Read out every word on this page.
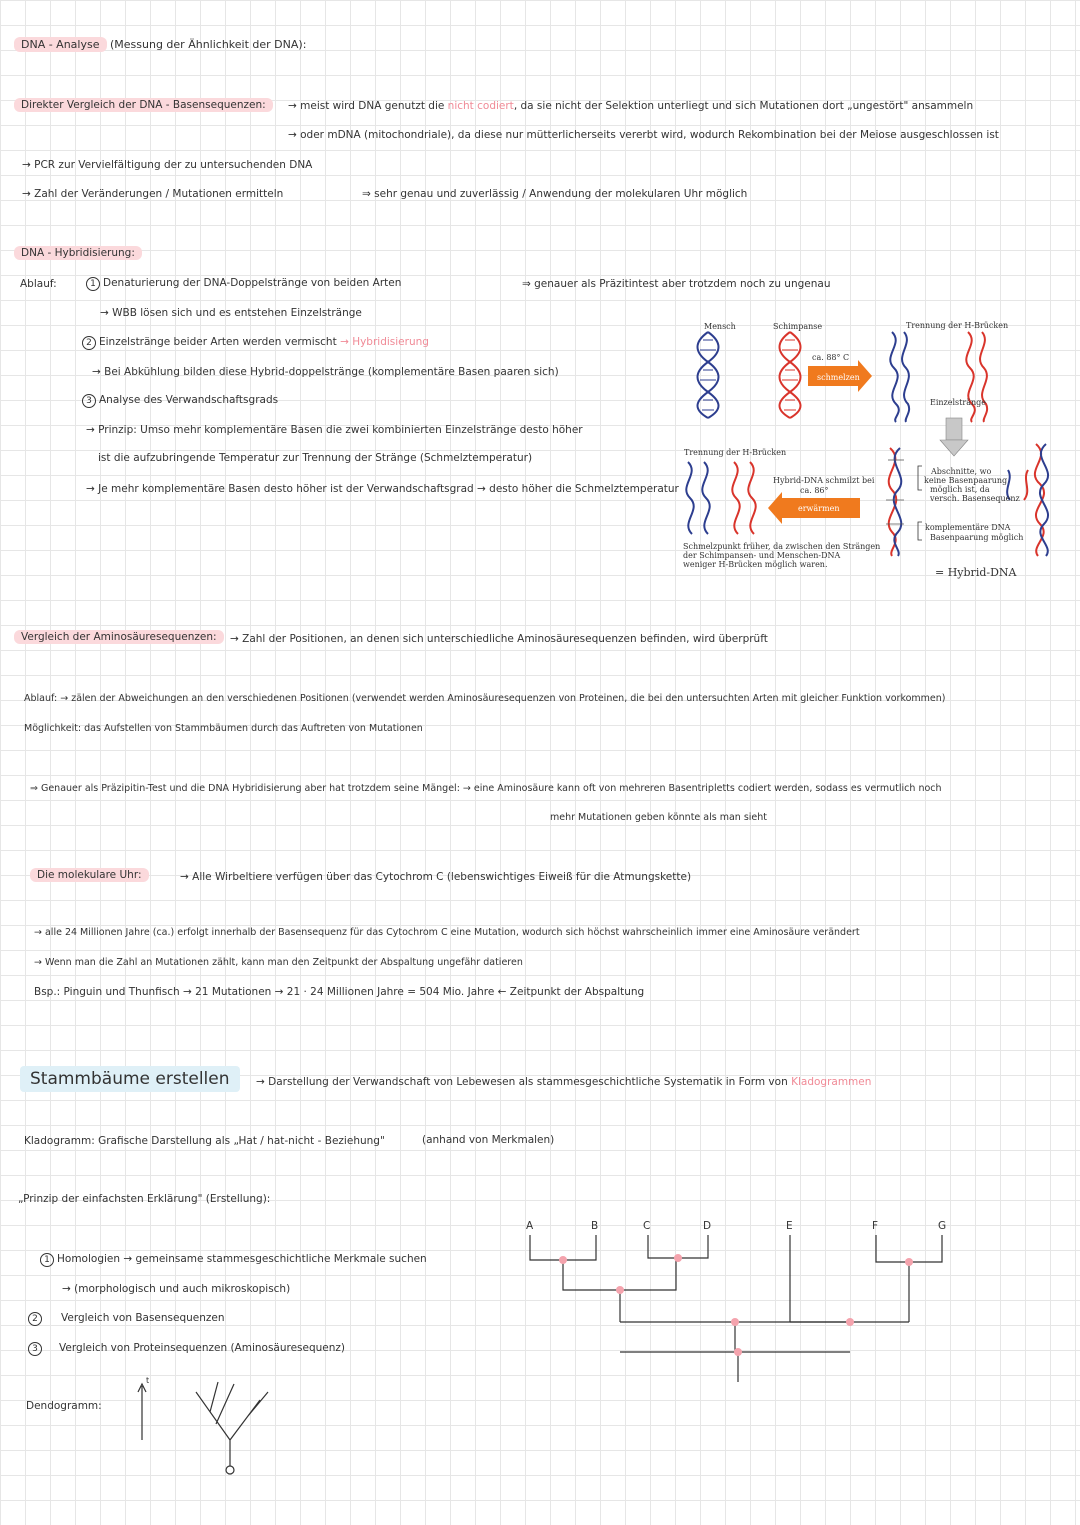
DNA - Analyse (Messung der Ähnlichkeit der DNA):
Direkter Vergleich der DNA - Basensequenzen:	→ meist wird DNA genutzt die nicht codiert, da sie nicht der Selektion unterliegt und sich Mutationen dort „ungestört" ansammeln
→ oder mDNA (mitochondriale), da diese nur mütterlicherseits vererbt wird, wodurch Rekombination bei der Meiose ausgeschlossen ist
→ PCR zur Vervielfältigung der zu untersuchenden DNA
→ Zahl der Veränderungen / Mutationen ermitteln	⇒ sehr genau und zuverlässig / Anwendung der molekularen Uhr möglich
DNA - Hybridisierung:
Ablauf:	1 Denaturierung der DNA-Doppelstränge von beiden Arten	⇒ genauer als Präzitintest aber trotzdem noch zu ungenau
→ WBB lösen sich und es entstehen Einzelstränge
2 Einzelstränge beider Arten werden vermischt → Hybridisierung
→ Bei Abkühlung bilden diese Hybrid-doppelstränge (komplementäre Basen paaren sich)
3 Analyse des Verwandschaftsgrads
→ Prinzip: Umso mehr komplementäre Basen die zwei kombinierten Einzelstränge desto höher
ist die aufzubringende Temperatur zur Trennung der Stränge (Schmelztemperatur)
→ Je mehr komplementäre Basen desto höher ist der Verwandschaftsgrad → desto höher die Schmelztemperatur
Mensch	Schimpanse	Trennung der H-Brücken
ca. 88° C
schmelzen
Einzelstränge
Trennung der H-Brücken
Hybrid-DNA schmilzt bei
ca. 86°
erwärmen
Schmelzpunkt früher, da zwischen den Strängen
der Schimpansen- und Menschen-DNA
weniger H-Brücken möglich waren.
Abschnitte, wo
keine Basenpaarung
möglich ist, da
versch. Basensequenz
komplementäre DNA
Basenpaarung möglich
= Hybrid-DNA
Vergleich der Aminosäuresequenzen:	→ Zahl der Positionen, an denen sich unterschiedliche Aminosäuresequenzen befinden, wird überprüft
Ablauf: → zälen der Abweichungen an den verschiedenen Positionen (verwendet werden Aminosäuresequenzen von Proteinen, die bei den untersuchten Arten mit gleicher Funktion vorkommen)
Möglichkeit: das Aufstellen von Stammbäumen durch das Auftreten von Mutationen
⇒ Genauer als Präzipitin-Test und die DNA Hybridisierung aber hat trotzdem seine Mängel: → eine Aminosäure kann oft von mehreren Basentripletts codiert werden, sodass es vermutlich noch
mehr Mutationen geben könnte als man sieht
Die molekulare Uhr:	→ Alle Wirbeltiere verfügen über das Cytochrom C (lebenswichtiges Eiweiß für die Atmungskette)
→ alle 24 Millionen Jahre (ca.) erfolgt innerhalb der Basensequenz für das Cytochrom C eine Mutation, wodurch sich höchst wahrscheinlich immer eine Aminosäure verändert
→ Wenn man die Zahl an Mutationen zählt, kann man den Zeitpunkt der Abspaltung ungefähr datieren
Bsp.: Pinguin und Thunfisch → 21 Mutationen → 21 · 24 Millionen Jahre = 504 Mio. Jahre ← Zeitpunkt der Abspaltung
Stammbäume erstellen	→ Darstellung der Verwandschaft von Lebewesen als stammesgeschichtliche Systematik in Form von Kladogrammen
Kladogramm: Grafische Darstellung als „Hat / hat-nicht - Beziehung"	(anhand von Merkmalen)
„Prinzip der einfachsten Erklärung" (Erstellung):
1 Homologien → gemeinsame stammesgeschichtliche Merkmale suchen
→ (morphologisch und auch mikroskopisch)
2 Vergleich von Basensequenzen
3 Vergleich von Proteinsequenzen (Aminosäuresequenz)
Dendogramm:
t
A	B	C	D	E	F	G
